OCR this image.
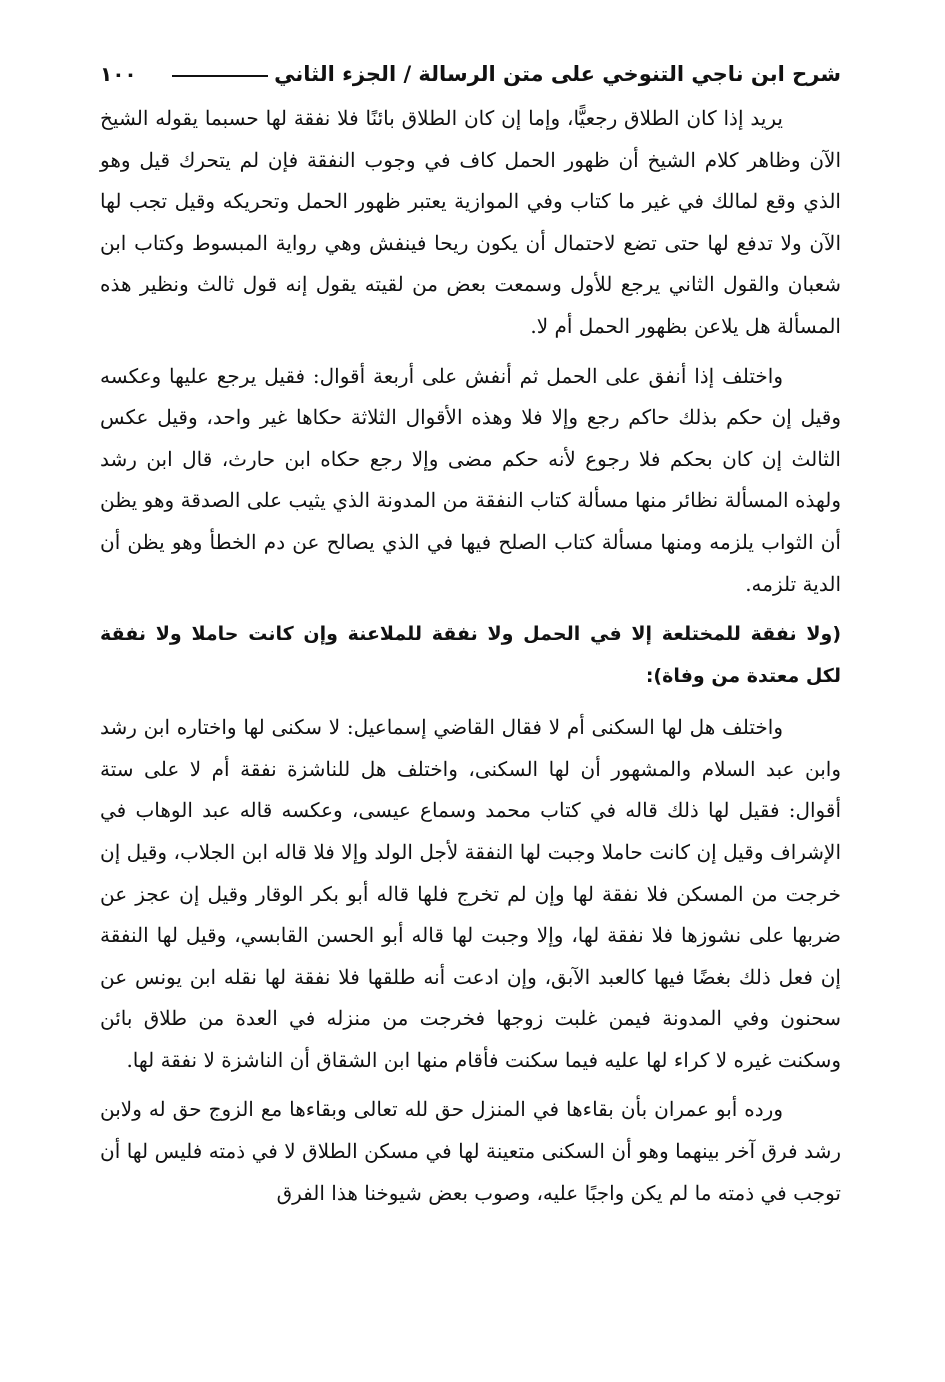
شرح ابن ناجي التنوخي على متن الرسالة / الجزء الثاني
١٠٠

يريد إذا كان الطلاق رجعيًّا، وإما إن كان الطلاق بائنًا فلا نفقة لها حسبما يقوله الشيخ الآن وظاهر كلام الشيخ أن ظهور الحمل كاف في وجوب النفقة فإن لم يتحرك قيل وهو الذي وقع لمالك في غير ما كتاب وفي الموازية يعتبر ظهور الحمل وتحريكه وقيل تجب لها الآن ولا تدفع لها حتى تضع لاحتمال أن يكون ريحا فينفش وهي رواية المبسوط وكتاب ابن شعبان والقول الثاني يرجع للأول وسمعت بعض من لقيته يقول إنه قول ثالث ونظير هذه المسألة هل يلاعن بظهور الحمل أم لا.

واختلف إذا أنفق على الحمل ثم أنفش على أربعة أقوال: فقيل يرجع عليها وعكسه وقيل إن حكم بذلك حاكم رجع وإلا فلا وهذه الأقوال الثلاثة حكاها غير واحد، وقيل عكس الثالث إن كان بحكم فلا رجوع لأنه حكم مضى وإلا رجع حكاه ابن حارث، قال ابن رشد ولهذه المسألة نظائر منها مسألة كتاب النفقة من المدونة الذي يثيب على الصدقة وهو يظن أن الثواب يلزمه ومنها مسألة كتاب الصلح فيها في الذي يصالح عن دم الخطأ وهو يظن أن الدية تلزمه.

(ولا نفقة للمختلعة إلا في الحمل ولا نفقة للملاعنة وإن كانت حاملا ولا نفقة لكل معتدة من وفاة):

واختلف هل لها السكنى أم لا فقال القاضي إسماعيل: لا سكنى لها واختاره ابن رشد وابن عبد السلام والمشهور أن لها السكنى، واختلف هل للناشزة نفقة أم لا على ستة أقوال: فقيل لها ذلك قاله في كتاب محمد وسماع عيسى، وعكسه قاله عبد الوهاب في الإشراف وقيل إن كانت حاملا وجبت لها النفقة لأجل الولد وإلا فلا قاله ابن الجلاب، وقيل إن خرجت من المسكن فلا نفقة لها وإن لم تخرج فلها قاله أبو بكر الوقار وقيل إن عجز عن ضربها على نشوزها فلا نفقة لها، وإلا وجبت لها قاله أبو الحسن القابسي، وقيل لها النفقة إن فعل ذلك بغضًا فيها كالعبد الآبق، وإن ادعت أنه طلقها فلا نفقة لها نقله ابن يونس عن سحنون وفي المدونة فيمن غلبت زوجها فخرجت من منزله في العدة من طلاق بائن وسكنت غيره لا كراء لها عليه فيما سكنت فأقام منها ابن الشقاق أن الناشزة لا نفقة لها.

ورده أبو عمران بأن بقاءها في المنزل حق لله تعالى وبقاءها مع الزوج حق له ولابن رشد فرق آخر بينهما وهو أن السكنى متعينة لها في مسكن الطلاق لا في ذمته فليس لها أن توجب في ذمته ما لم يكن واجبًا عليه، وصوب بعض شيوخنا هذا الفرق
